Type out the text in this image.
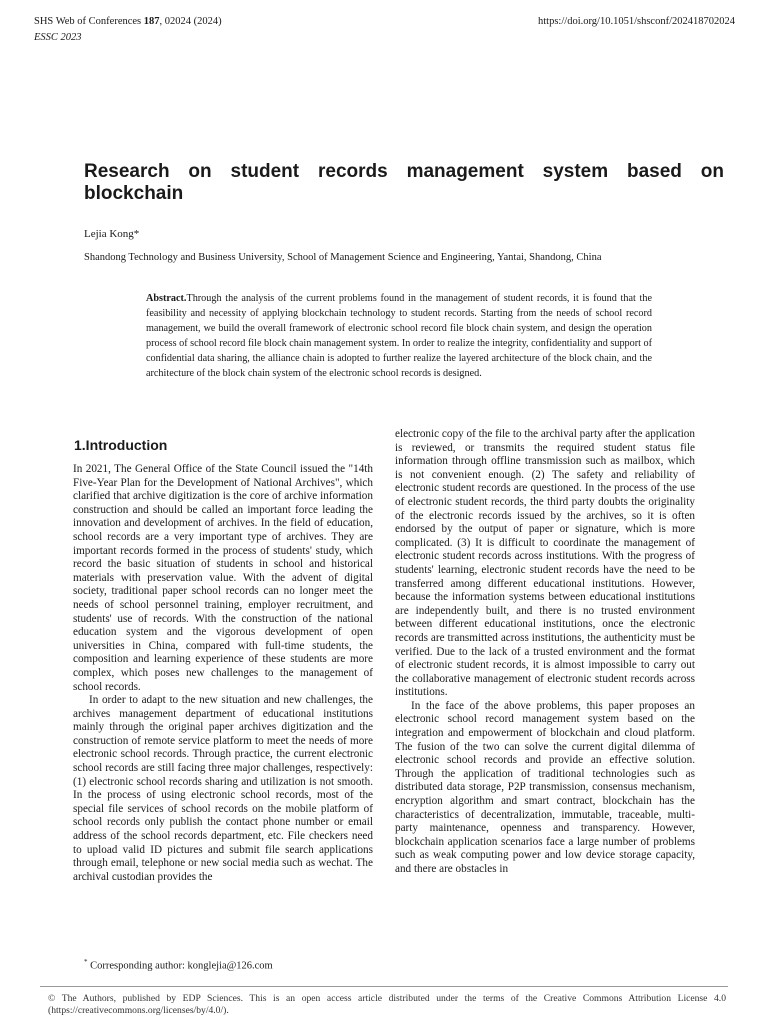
SHS Web of Conferences 187, 02024 (2024)	https://doi.org/10.1051/shsconf/202418702024
ESSC 2023
Research on student records management system based on blockchain
Lejia Kong*
Shandong Technology and Business University, School of Management Science and Engineering, Yantai, Shandong, China
Abstract.Through the analysis of the current problems found in the management of student records, it is found that the feasibility and necessity of applying blockchain technology to student records. Starting from the needs of school record management, we build the overall framework of electronic school record file block chain system, and design the operation process of school record file block chain management system. In order to realize the integrity, confidentiality and support of confidential data sharing, the alliance chain is adopted to further realize the layered architecture of the block chain, and the architecture of the block chain system of the electronic school records is designed.
1.Introduction

In 2021, The General Office of the State Council issued the "14th Five-Year Plan for the Development of National Archives", which clarified that archive digitization is the core of archive information construction and should be called an important force leading the innovation and development of archives. In the field of education, school records are a very important type of archives. They are important records formed in the process of students' study, which record the basic situation of students in school and historical materials with preservation value. With the advent of digital society, traditional paper school records can no longer meet the needs of school personnel training, employer recruitment, and students' use of records. With the construction of the national education system and the vigorous development of open universities in China, compared with full-time students, the composition and learning experience of these students are more complex, which poses new challenges to the management of school records.

In order to adapt to the new situation and new challenges, the archives management department of educational institutions mainly through the original paper archives digitization and the construction of remote service platform to meet the needs of more electronic school records. Through practice, the current electronic school records are still facing three major challenges, respectively: (1) electronic school records sharing and utilization is not smooth. In the process of using electronic school records, most of the special file services of school records on the mobile platform of school records only publish the contact phone number or email address of the school records department, etc. File checkers need to upload valid ID pictures and submit file search applications through email, telephone or new social media such as wechat. The archival custodian provides the

electronic copy of the file to the archival party after the application is reviewed, or transmits the required student status file information through offline transmission such as mailbox, which is not convenient enough. (2) The safety and reliability of electronic student records are questioned. In the process of the use of electronic student records, the third party doubts the originality of the electronic records issued by the archives, so it is often endorsed by the output of paper or signature, which is more complicated. (3) It is difficult to coordinate the management of electronic student records across institutions. With the progress of students' learning, electronic student records have the need to be transferred among different educational institutions. However, because the information systems between educational institutions are independently built, and there is no trusted environment between different educational institutions, once the electronic records are transmitted across institutions, the authenticity must be verified. Due to the lack of a trusted environment and the format of electronic student records, it is almost impossible to carry out the collaborative management of electronic student records across institutions.

In the face of the above problems, this paper proposes an electronic school record management system based on the integration and empowerment of blockchain and cloud platform. The fusion of the two can solve the current digital dilemma of electronic school records and provide an effective solution. Through the application of traditional technologies such as distributed data storage, P2P transmission, consensus mechanism, encryption algorithm and smart contract, blockchain has the characteristics of decentralization, immutable, traceable, multi-party maintenance, openness and transparency. However, blockchain application scenarios face a large number of problems such as weak computing power and low device storage capacity, and there are obstacles in

* Corresponding author: konglejia@126.com
© The Authors, published by EDP Sciences. This is an open access article distributed under the terms of the Creative Commons Attribution License 4.0 (https://creativecommons.org/licenses/by/4.0/).
